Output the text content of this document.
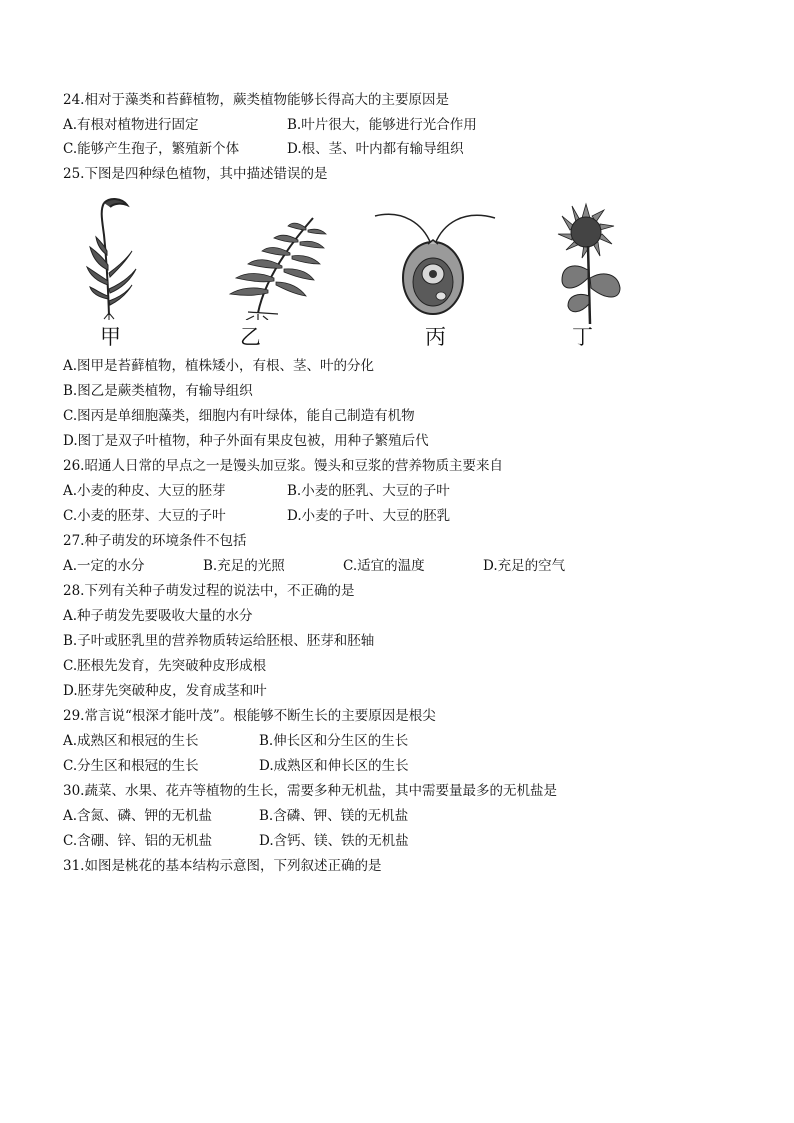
24.相对于藻类和苔藓植物，蕨类植物能够长得高大的主要原因是
A.有根对植物进行固定	B.叶片很大，能够进行光合作用
C.能够产生孢子，繁殖新个体	D.根、茎、叶内都有输导组织
25.下图是四种绿色植物，其中描述错误的是
甲	乙	丙	丁
A.图甲是苔藓植物，植株矮小，有根、茎、叶的分化
B.图乙是蕨类植物，有输导组织
C.图丙是单细胞藻类，细胞内有叶绿体，能自己制造有机物
D.图丁是双子叶植物，种子外面有果皮包被，用种子繁殖后代
26.昭通人日常的早点之一是馒头加豆浆。馒头和豆浆的营养物质主要来自
A.小麦的种皮、大豆的胚芽	B.小麦的胚乳、大豆的子叶
C.小麦的胚芽、大豆的子叶	D.小麦的子叶、大豆的胚乳
27.种子萌发的环境条件不包括
A.一定的水分	B.充足的光照	C.适宜的温度	D.充足的空气
28.下列有关种子萌发过程的说法中，不正确的是
A.种子萌发先要吸收大量的水分
B.子叶或胚乳里的营养物质转运给胚根、胚芽和胚轴
C.胚根先发育，先突破种皮形成根
D.胚芽先突破种皮，发育成茎和叶
29.常言说“根深才能叶茂”。根能够不断生长的主要原因是根尖
A.成熟区和根冠的生长	B.伸长区和分生区的生长
C.分生区和根冠的生长	D.成熟区和伸长区的生长
30.蔬菜、水果、花卉等植物的生长，需要多种无机盐，其中需要量最多的无机盐是
A.含氮、磷、钾的无机盐	B.含磷、钾、镁的无机盐
C.含硼、锌、铝的无机盐	D.含钙、镁、铁的无机盐
31.如图是桃花的基本结构示意图，下列叙述正确的是
